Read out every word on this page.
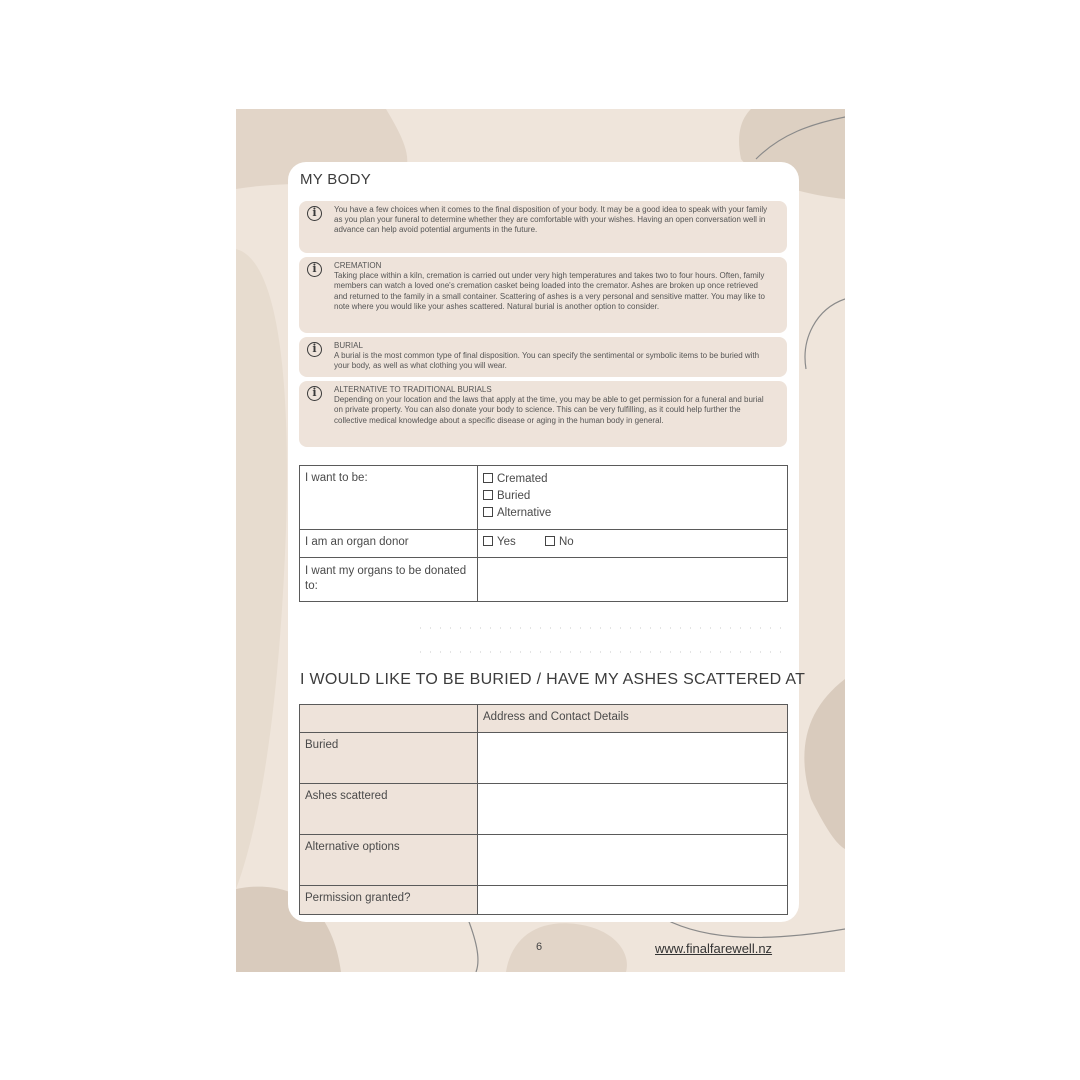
MY BODY
i	You have a few choices when it comes to the final disposition of your body. It may be a good idea to speak with your family as you plan your funeral to determine whether they are comfortable with your wishes. Having an open conversation well in advance can help avoid potential arguments in the future.
i	CREMATION
Taking place within a kiln, cremation is carried out under very high temperatures and takes two to four hours. Often, family members can watch a loved one's cremation casket being loaded into the cremator. Ashes are broken up once retrieved and returned to the family in a small container. Scattering of ashes is a very personal and sensitive matter. You may like to note where you would like your ashes scattered. Natural burial is another option to consider.
i	BURIAL
A burial is the most common type of final disposition. You can specify the sentimental or symbolic items to be buried with your body, as well as what clothing you will wear.
i	ALTERNATIVE TO TRADITIONAL BURIALS
Depending on your location and the laws that apply at the time, you may be able to get permission for a funeral and burial on private property. You can also donate your body to science. This can be very fulfilling, as it could help further the collective medical knowledge about a specific disease or aging in the human body in general.
I want to be:	Cremated
Buried
Alternative

I am an organ donor	Yes No
I want my organs to be donated to:	
I WOULD LIKE TO BE BURIED / HAVE MY ASHES SCATTERED AT
	Address and Contact Details
Buried	
Ashes scattered	
Alternative options	
Permission granted?	
6	www.finalfarewell.nz
